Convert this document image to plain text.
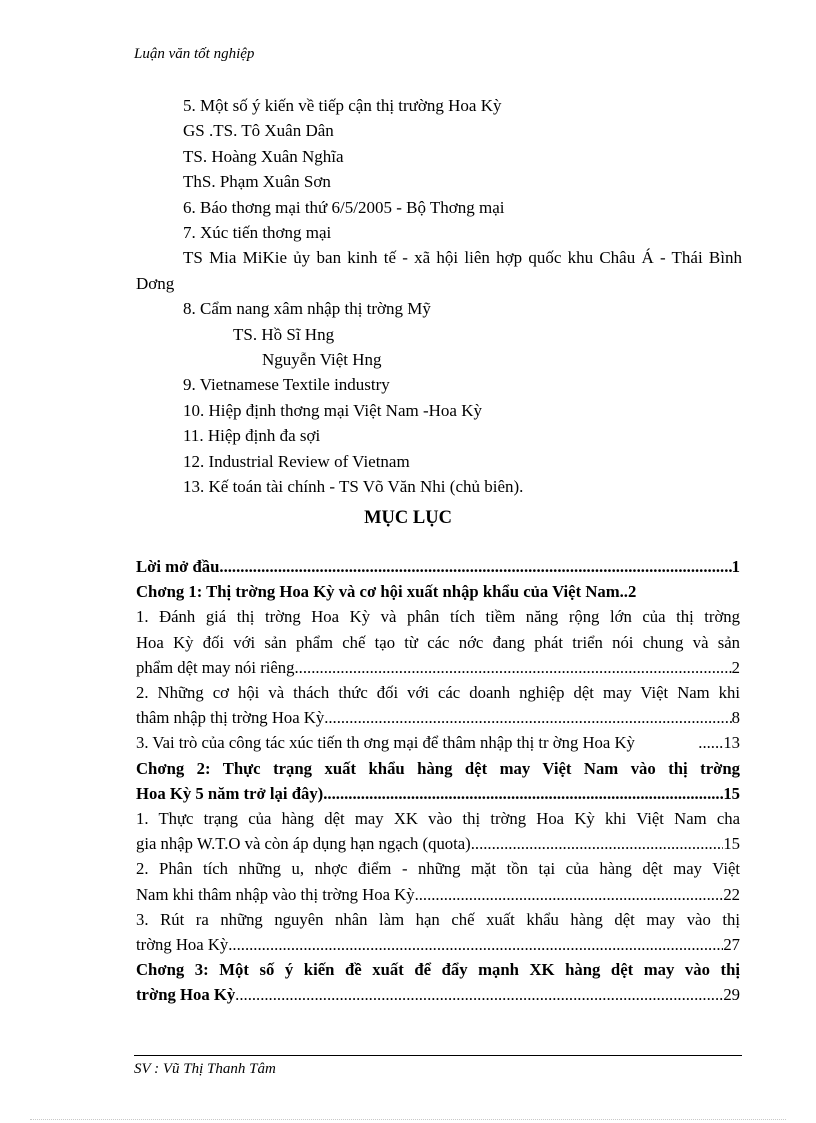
Luận văn tốt nghiệp
5. Một số ý kiến về tiếp cận thị trường Hoa Kỳ
GS .TS. Tô Xuân Dân
TS. Hoàng Xuân Nghĩa
ThS. Phạm Xuân Sơn
6. Báo thơng mại thứ 6/5/2005 - Bộ Thơng mại
7. Xúc tiến thơng mại
TS Mia MiKie ủy ban kinh tế - xã hội liên hợp quốc khu Châu Á - Thái Bình Dơng
8. Cẩm nang xâm nhập thị trờng Mỹ
TS. Hồ Sĩ Hng
Nguyễn Việt Hng
9. Vietnamese Textile industry
10. Hiệp định thơng mại Việt Nam -Hoa Kỳ
11. Hiệp định đa sợi
12. Industrial Review of Vietnam
13. Kế toán tài chính - TS Võ Văn Nhi (chủ biên).
MỤC LỤC
Lời mở đầu .....	1
Chơng 1: Thị trờng Hoa Kỳ và cơ hội xuất nhập khẩu của Việt Nam ..2
1. Đánh giá thị trờng Hoa Kỳ và phân tích tiềm năng rộng lớn của thị trờng
Hoa Kỳ đối với sản phẩm chế tạo từ các nớc đang phát triển nói chung và sản
phẩm dệt may nói riêng .....	2
2. Những cơ hội và thách thức đối với các doanh nghiệp dệt may Việt Nam khi
thâm nhập thị trờng Hoa Kỳ .....	8
3. Vai trò của công tác xúc tiến th ơng mại để thâm nhập thị tr ờng Hoa Kỳ	......13
Chơng 2: Thực trạng xuất khẩu hàng dệt may Việt Nam vào thị trờng
Hoa Kỳ 5 năm trở lại đây) .....	15
1. Thực trạng của hàng dệt may XK vào thị trờng Hoa Kỳ khi Việt Nam cha
gia nhập W.T.O và còn áp dụng hạn ngạch (quota) .....	15
2. Phân tích những u, nhợc điểm - những mặt tồn tại của hàng dệt may Việt
Nam khi thâm nhập vào thị trờng Hoa Kỳ .....	22
3. Rút ra những nguyên nhân làm hạn chế xuất khẩu hàng dệt may vào thị
trờng Hoa Kỳ .....	27
Chơng 3: Một số ý kiến đề xuất để đẩy mạnh XK hàng dệt may vào thị
trờng Hoa Kỳ .....	29
SV : Vũ Thị Thanh Tâm
